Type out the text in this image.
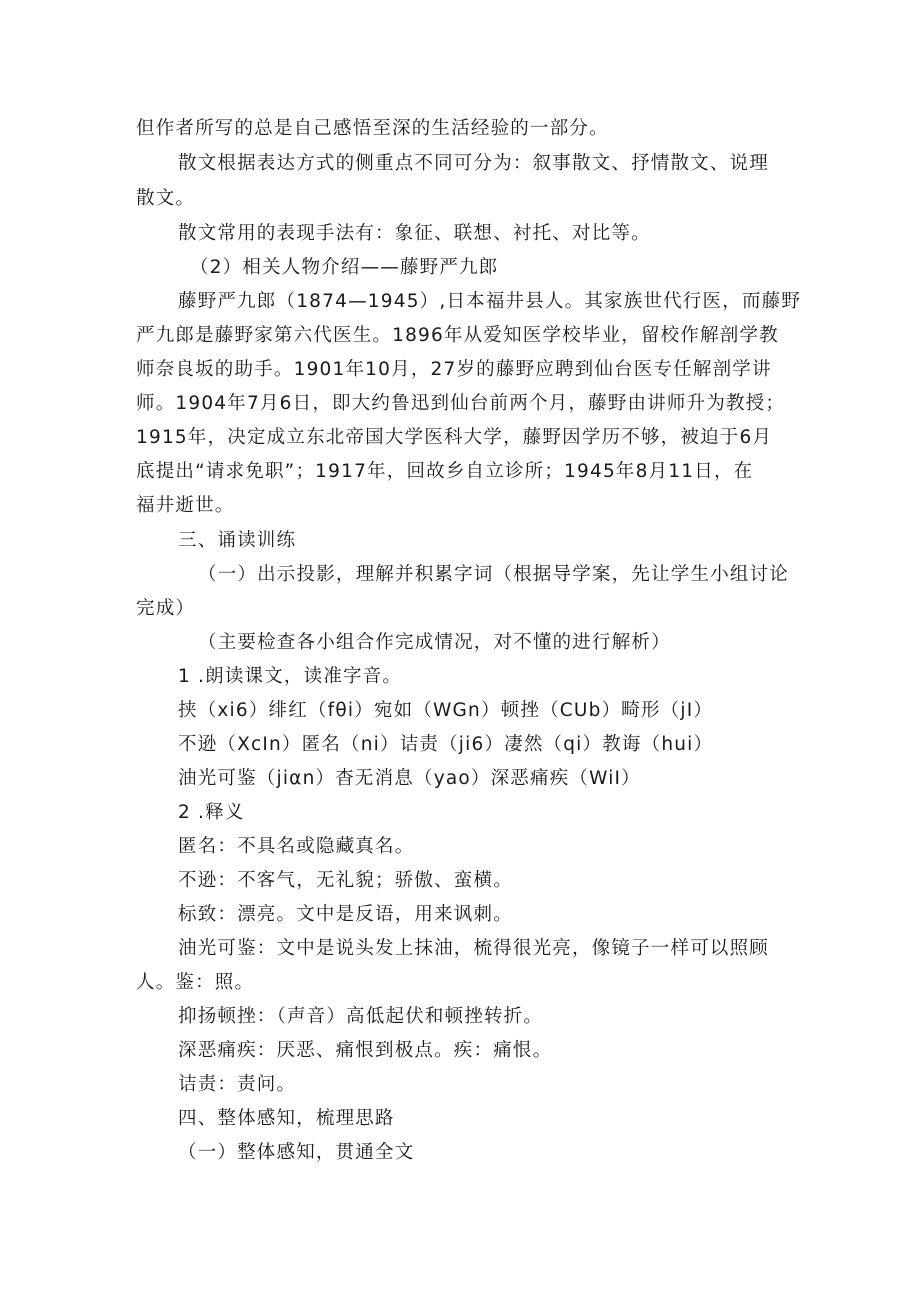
但作者所写的总是自己感悟至深的生活经验的一部分。
散文根据表达方式的侧重点不同可分为：叙事散文、抒情散文、说理
散文。
散文常用的表现手法有：象征、联想、衬托、对比等。
（2）相关人物介绍——藤野严九郎
藤野严九郎（1874—1945）,日本福井县人。其家族世代行医，而藤野
严九郎是藤野家第六代医生。1896年从爱知医学校毕业，留校作解剖学教
师奈良坂的助手。1901年10月，27岁的藤野应聘到仙台医专任解剖学讲
师。1904年7月6日，即大约鲁迅到仙台前两个月，藤野由讲师升为教授；
1915年，决定成立东北帝国大学医科大学，藤野因学历不够，被迫于6月
底提出“请求免职”；1917年，回故乡自立诊所；1945年8月11日，在
福井逝世。
三、诵读训练
（一）出示投影，理解并积累字词（根据导学案，先让学生小组讨论
完成）
（主要检查各小组合作完成情况，对不懂的进行解析）
1 .朗读课文，读准字音。
挟（xi6）绯红（fθi）宛如（WGn）顿挫（CUb）畸形（jI）
不逊（XcIn）匿名（ni）诘责（ji6）凄然（qi）教诲（hui）
油光可鉴（jiαn）杳无消息（yao）深恶痛疾（WiI）
2 .释义
匿名：不具名或隐藏真名。
不逊：不客气，无礼貌；骄傲、蛮横。
标致：漂亮。文中是反语，用来讽刺。
油光可鉴：文中是说头发上抹油，梳得很光亮，像镜子一样可以照顾
人。鉴：照。
抑扬顿挫：（声音）高低起伏和顿挫转折。
深恶痛疾：厌恶、痛恨到极点。疾：痛恨。
诘责：责问。
四、整体感知，梳理思路
（一）整体感知，贯通全文
